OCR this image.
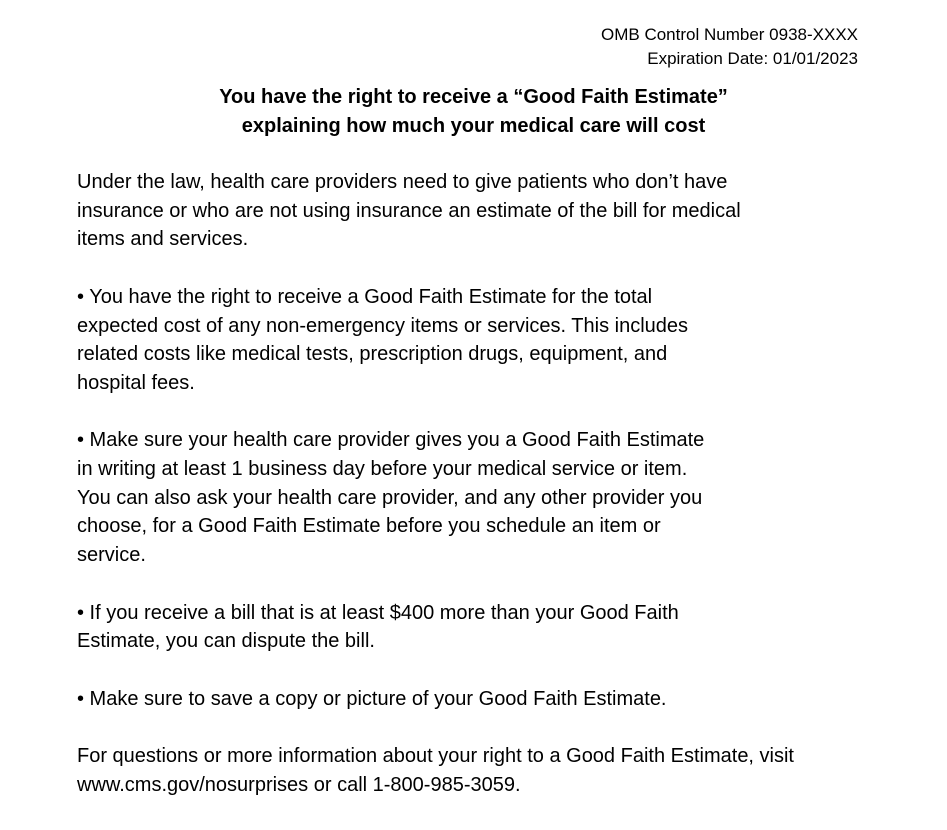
OMB Control Number 0938-XXXX
Expiration Date: 01/01/2023
You have the right to receive a “Good Faith Estimate”
explaining how much your medical care will cost
Under the law, health care providers need to give patients who don’t have
insurance or who are not using insurance an estimate of the bill for medical
items and services.
• You have the right to receive a Good Faith Estimate for the total
expected cost of any non-emergency items or services. This includes
related costs like medical tests, prescription drugs, equipment, and
hospital fees.
• Make sure your health care provider gives you a Good Faith Estimate
in writing at least 1 business day before your medical service or item.
You can also ask your health care provider, and any other provider you
choose, for a Good Faith Estimate before you schedule an item or
service.
• If you receive a bill that is at least $400 more than your Good Faith
Estimate, you can dispute the bill.
• Make sure to save a copy or picture of your Good Faith Estimate.
For questions or more information about your right to a Good Faith Estimate, visit
www.cms.gov/nosurprises or call 1-800-985-3059.
